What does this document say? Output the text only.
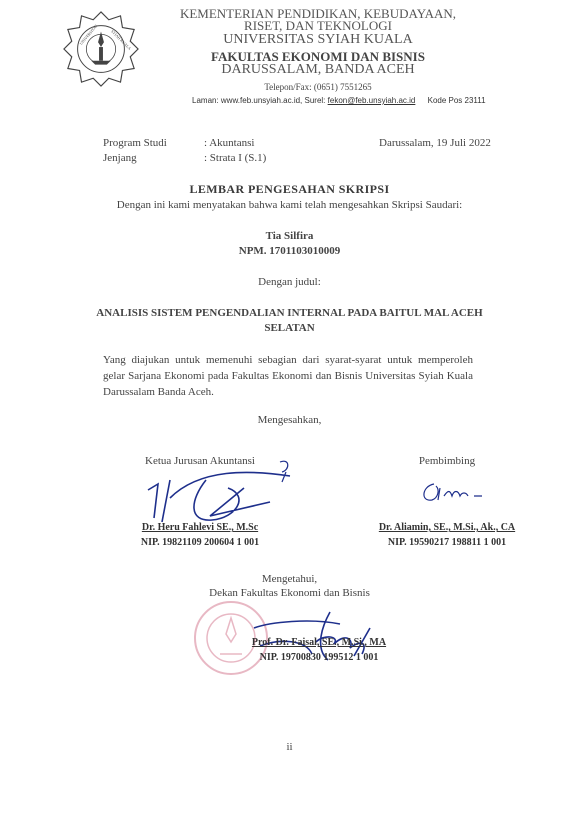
UNIVERSITAS	SYIAH KUALA
KEMENTERIAN PENDIDIKAN, KEBUDAYAAN,
RISET, DAN TEKNOLOGI
UNIVERSITAS SYIAH KUALA
FAKULTAS EKONOMI DAN BISNIS
DARUSSALAM, BANDA ACEH
Telepon/Fax: (0651) 7551265
Laman: www.feb.unsyiah.ac.id, Surel: fekon@feb.unsyiah.ac.id Kode Pos 23111
Program Studi	: Akuntansi	Darussalam, 19 Juli 2022
Jenjang	: Strata I (S.1)
LEMBAR PENGESAHAN SKRIPSI
Dengan ini kami menyatakan bahwa kami telah mengesahkan Skripsi Saudari:
Tia Silfira
NPM. 1701103010009
Dengan judul:
ANALISIS SISTEM PENGENDALIAN INTERNAL PADA BAITUL MAL ACEH
SELATAN
Yang diajukan untuk memenuhi sebagian dari syarat-syarat untuk memperoleh gelar Sarjana Ekonomi pada Fakultas Ekonomi dan Bisnis Universitas Syiah Kuala Darussalam Banda Aceh.
Mengesahkan,
Ketua Jurusan Akuntansi
Dr. Heru Fahlevi SE., M.Sc
NIP. 19821109 200604 1 001
Pembimbing
Dr. Aliamin, SE., M.Si., Ak., CA
NIP. 19590217 198811 1 001
Mengetahui,
Dekan Fakultas Ekonomi dan Bisnis
Prof. Dr. Faisal, SE., M.Si., MA
NIP. 19700830 199512 1 001
ii
